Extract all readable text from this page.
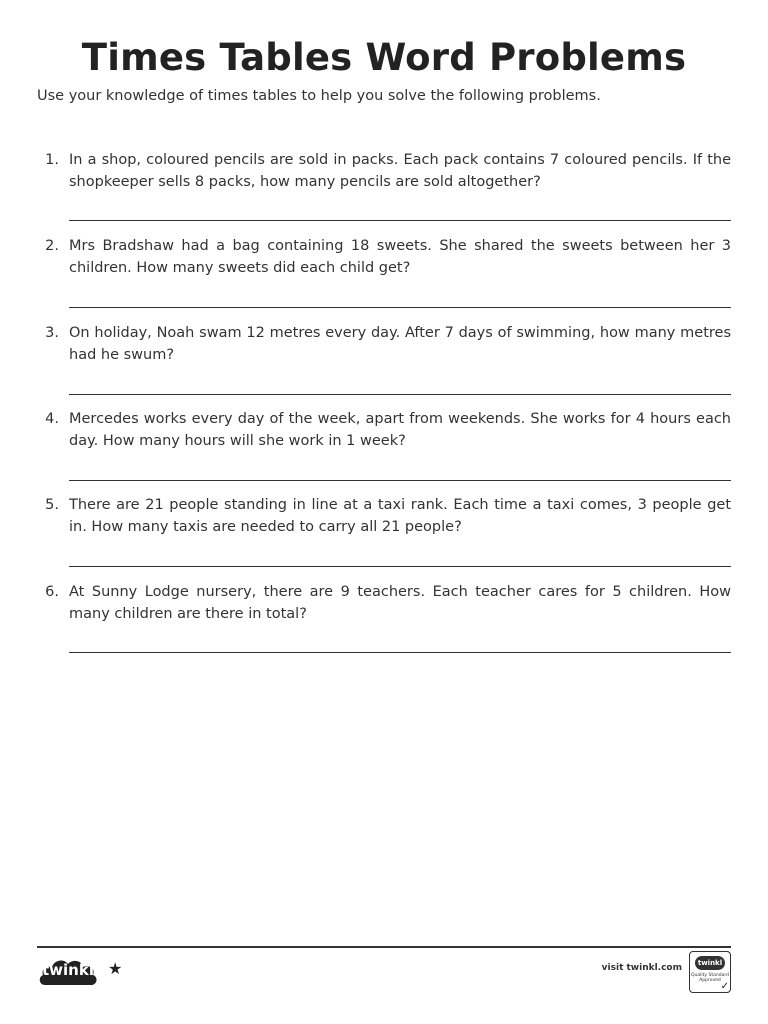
Times Tables Word Problems
Use your knowledge of times tables to help you solve the following problems.
1. In a shop, coloured pencils are sold in packs. Each pack contains 7 coloured pencils. If the shopkeeper sells 8 packs, how many pencils are sold altogether?
2. Mrs Bradshaw had a bag containing 18 sweets. She shared the sweets between her 3 children. How many sweets did each child get?
3. On holiday, Noah swam 12 metres every day. After 7 days of swimming, how many metres had he swum?
4. Mercedes works every day of the week, apart from weekends. She works for 4 hours each day. How many hours will she work in 1 week?
5. There are 21 people standing in line at a taxi rank. Each time a taxi comes, 3 people get in. How many taxis are needed to carry all 21 people?
6. At Sunny Lodge nursery, there are 9 teachers. Each teacher cares for 5 children. How many children are there in total?
twinkl ★	visit twinkl.com	twinkl
Quality Standard Approved
✓
